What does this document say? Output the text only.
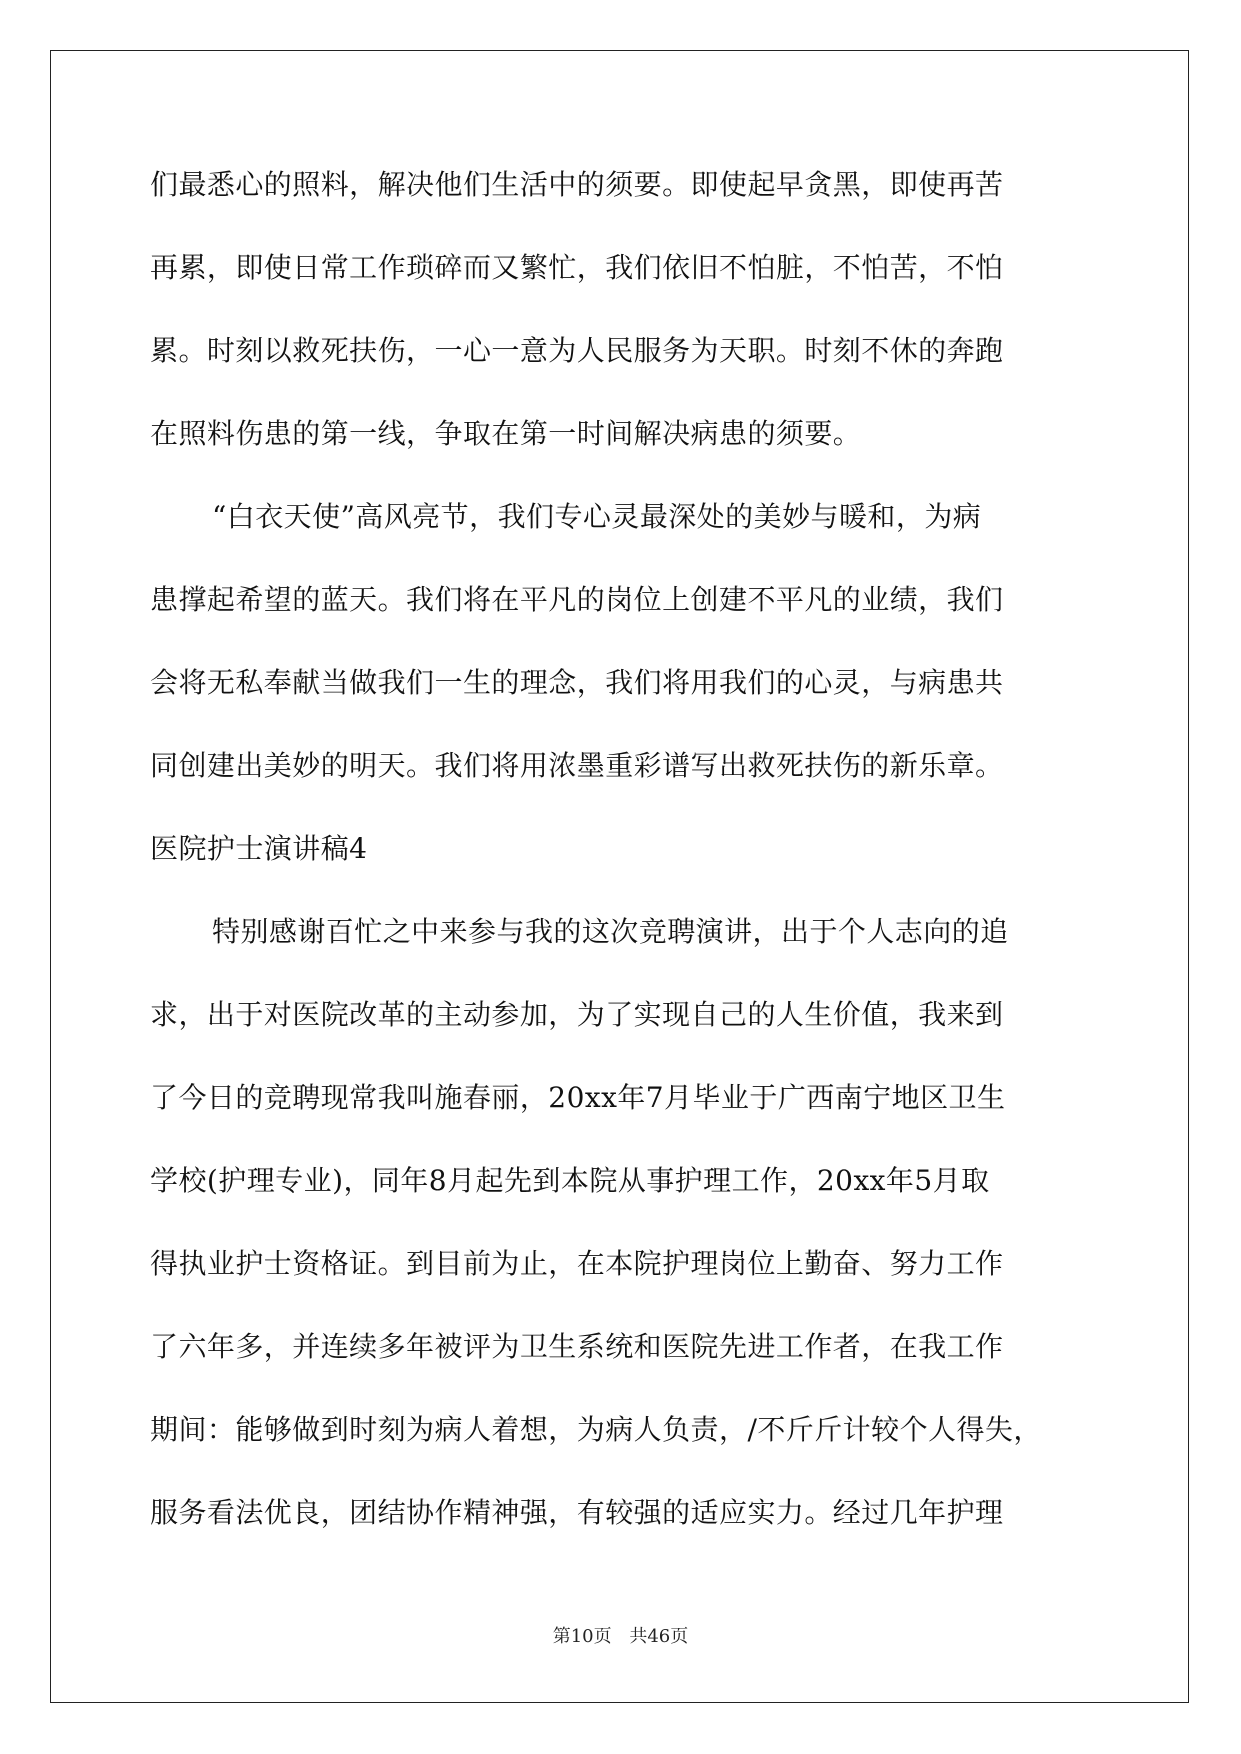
们最悉心的照料，解决他们生活中的须要。即使起早贪黑，即使再苦
再累，即使日常工作琐碎而又繁忙，我们依旧不怕脏，不怕苦，不怕
累。时刻以救死扶伤，一心一意为人民服务为天职。时刻不休的奔跑
在照料伤患的第一线，争取在第一时间解决病患的须要。
“白衣天使”高风亮节，我们专心灵最深处的美妙与暖和，为病
患撑起希望的蓝天。我们将在平凡的岗位上创建不平凡的业绩，我们
会将无私奉献当做我们一生的理念，我们将用我们的心灵，与病患共
同创建出美妙的明天。我们将用浓墨重彩谱写出救死扶伤的新乐章。
医院护士演讲稿4
特别感谢百忙之中来参与我的这次竞聘演讲，出于个人志向的追
求，出于对医院改革的主动参加，为了实现自己的人生价值，我来到
了今日的竞聘现常我叫施春丽，20xx年7月毕业于广西南宁地区卫生
学校(护理专业)，同年8月起先到本院从事护理工作，20xx年5月取
得执业护士资格证。到目前为止，在本院护理岗位上勤奋、努力工作
了六年多，并连续多年被评为卫生系统和医院先进工作者，在我工作
期间：能够做到时刻为病人着想，为病人负责，/不斤斤计较个人得失，
服务看法优良，团结协作精神强，有较强的适应实力。经过几年护理
第10页 共46页
